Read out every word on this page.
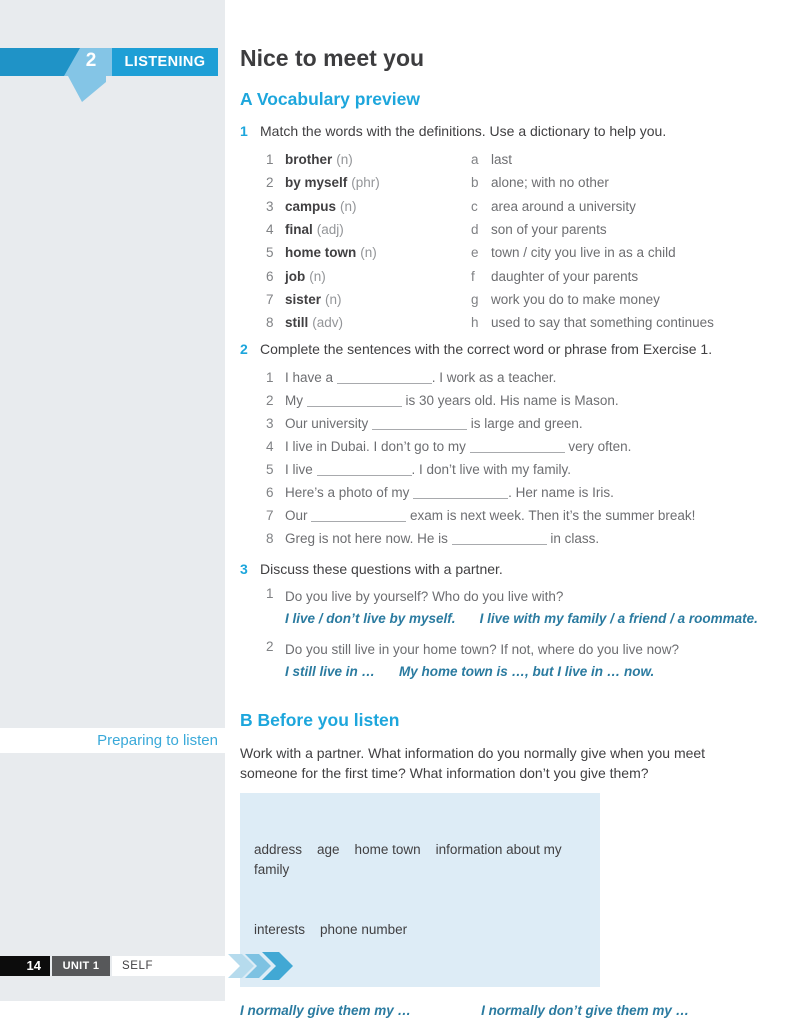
LISTENING
2
Preparing to listen
Nice to meet you
A Vocabulary preview
1 Match the words with the definitions. Use a dictionary to help you.
1 brother (n)	a last
2 by myself (phr)	b alone; with no other
3 campus (n)	c area around a university
4 final (adj)	d son of your parents
5 home town (n)	e town / city you live in as a child
6 job (n)	f	daughter of your parents
7 sister (n)	g work you do to make money
8 still (adv)	h used to say that something continues
2 Complete the sentences with the correct word or phrase from Exercise 1.
1 I have a	. I work as a teacher.
2 My	is 30 years old. His name is Mason.
3 Our university	is large and green.
4 I live in Dubai. I don’t go to my	very often.
5 I live	. I don’t live with my family.
6 Here’s a photo of my	. Her name is Iris.
7 Our	exam is next week. Then it’s the summer break!
8 Greg is not here now. He is	in class.
3 Discuss these questions with a partner.
1 Do you live by yourself? Who do you live with?
I live / don’t live by myself. I live with my family / a friend / a roommate.
2 Do you still live in your home town? If not, where do you live now?
I still live in … My home town is …, but I live in … now.
B Before you listen

Work with a partner. What information do you normally give when you meet someone for the first time? What information don’t you give them?

address    age    home town    information about my family

interests    phone number

I normally give them my …	I normally don’t give them my …
14	UNIT 1	SELF
